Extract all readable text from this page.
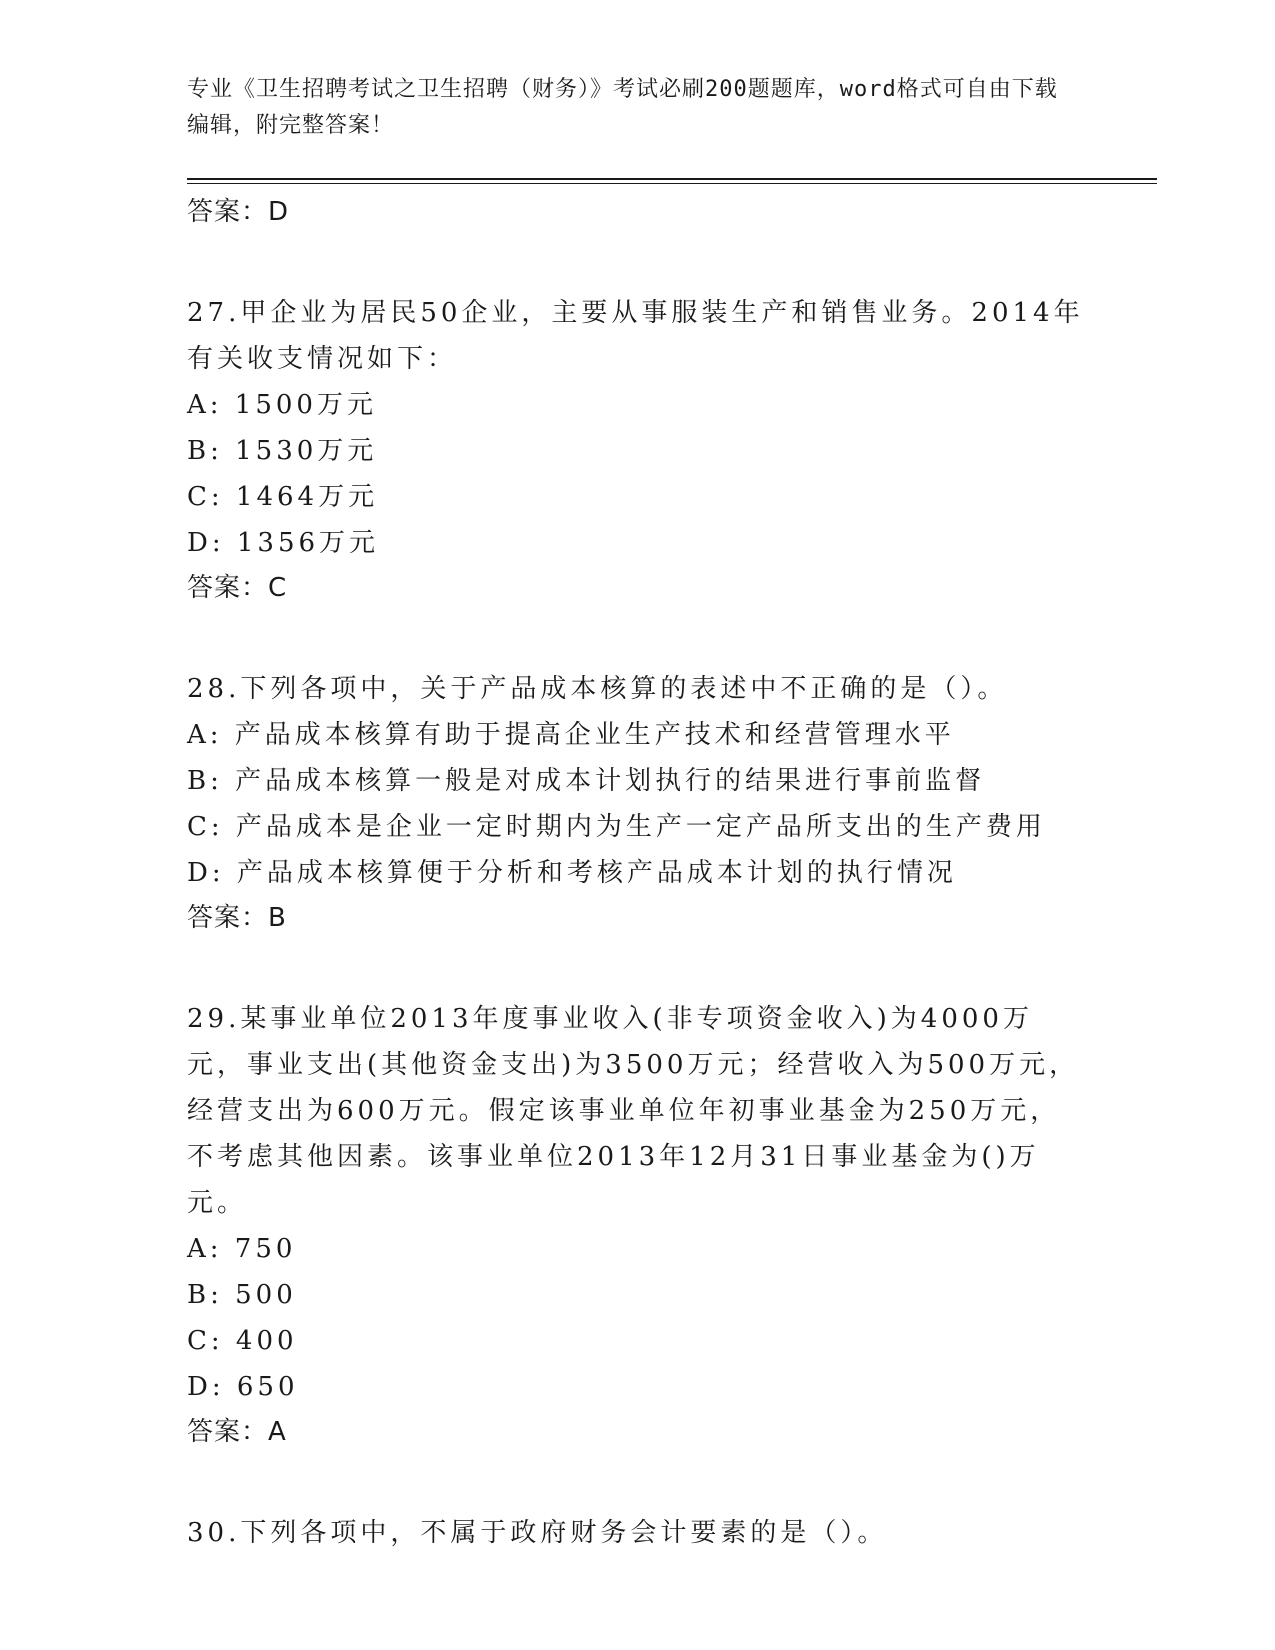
专业《卫生招聘考试之卫生招聘（财务）》考试必刷200题题库，word格式可自由下载编辑，附完整答案！
答案：D
27.甲企业为居民50企业，主要从事服装生产和销售业务。2014年有关收支情况如下：
A: 1500万元
B: 1530万元
C: 1464万元
D: 1356万元
答案：C
28.下列各项中，关于产品成本核算的表述中不正确的是（）。
A: 产品成本核算有助于提高企业生产技术和经营管理水平
B: 产品成本核算一般是对成本计划执行的结果进行事前监督
C: 产品成本是企业一定时期内为生产一定产品所支出的生产费用
D: 产品成本核算便于分析和考核产品成本计划的执行情况
答案：B
29.某事业单位2013年度事业收入(非专项资金收入)为4000万元，事业支出(其他资金支出)为3500万元；经营收入为500万元，经营支出为600万元。假定该事业单位年初事业基金为250万元，不考虑其他因素。该事业单位2013年12月31日事业基金为()万元。
A: 750
B: 500
C: 400
D: 650
答案：A
30.下列各项中，不属于政府财务会计要素的是（）。
